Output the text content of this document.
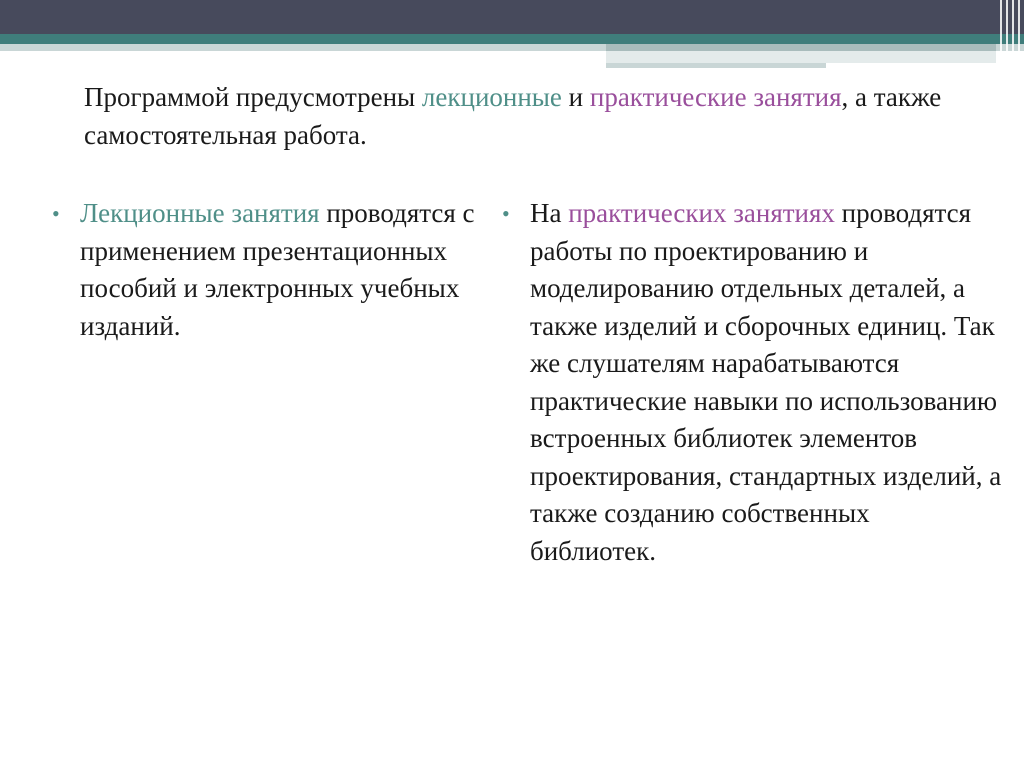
Программой предусмотрены лекционные и практические занятия, а также самостоятельная работа.

• Лекционные занятия проводятся с применением презентационных пособий и электронных учебных изданий.

• На практических занятиях проводятся работы по проектированию и моделированию отдельных деталей, а также изделий и сборочных единиц. Так же слушателям нарабатываются практические навыки по использованию встроенных библиотек элементов проектирования, стандартных изделий, а также созданию собственных библиотек.
